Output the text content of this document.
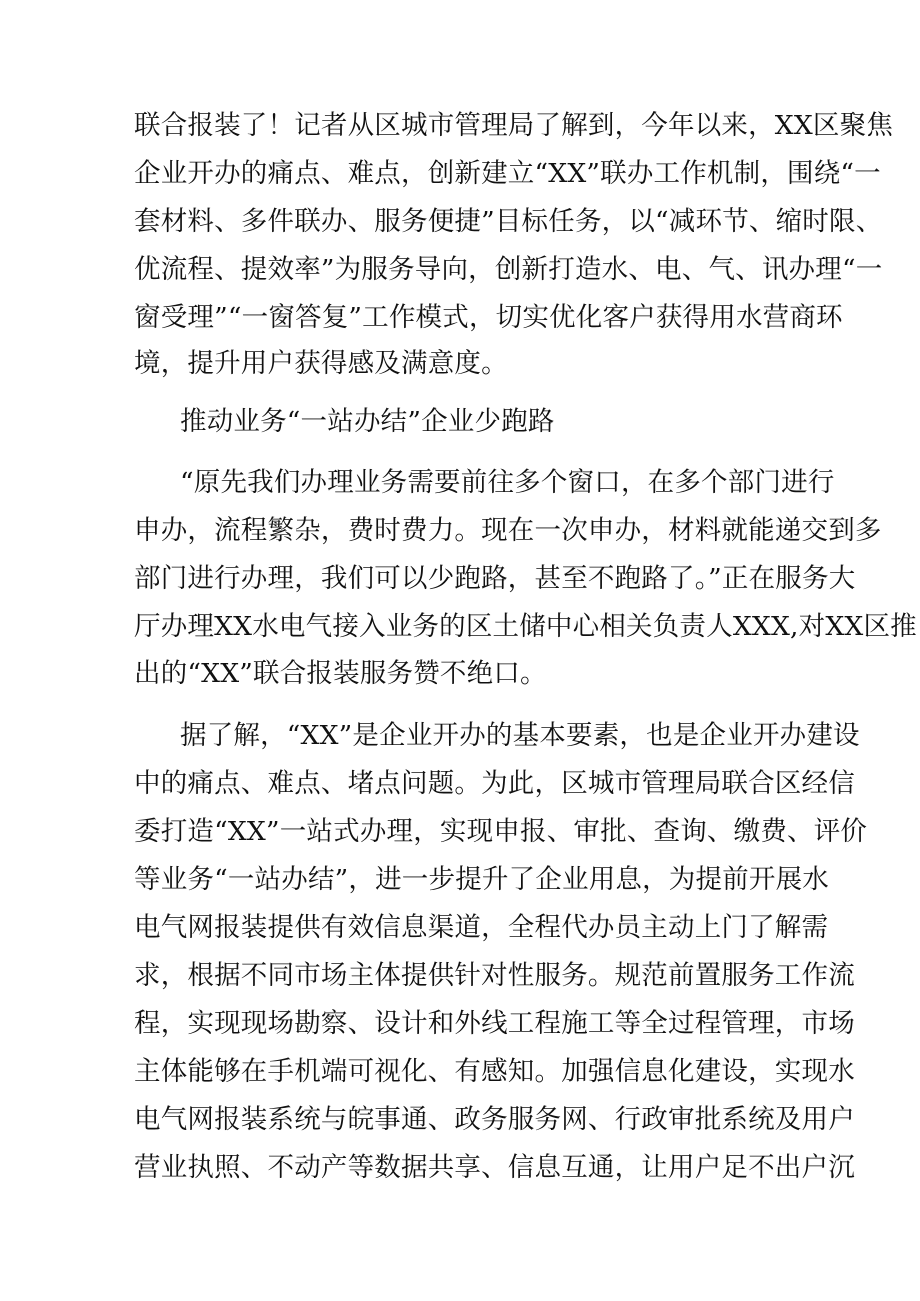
联合报装了！记者从区城市管理局了解到，今年以来，XX区聚焦
企业开办的痛点、难点，创新建立“XX”联办工作机制，围绕“一
套材料、多件联办、服务便捷”目标任务，以“减环节、缩时限、
优流程、提效率”为服务导向，创新打造水、电、气、讯办理“一
窗受理”“一窗答复”工作模式，切实优化客户获得用水营商环
境，提升用户获得感及满意度。
推动业务“一站办结”企业少跑路
“原先我们办理业务需要前往多个窗口，在多个部门进行
申办，流程繁杂，费时费力。现在一次申办，材料就能递交到多
部门进行办理，我们可以少跑路，甚至不跑路了。”正在服务大
厅办理XX水电气接入业务的区土储中心相关负责人XXX,对XX区推
出的“XX”联合报装服务赞不绝口。
据了解，“XX”是企业开办的基本要素，也是企业开办建设
中的痛点、难点、堵点问题。为此，区城市管理局联合区经信
委打造“XX”一站式办理，实现申报、审批、查询、缴费、评价
等业务“一站办结”，进一步提升了企业用息，为提前开展水
电气网报装提供有效信息渠道，全程代办员主动上门了解需
求，根据不同市场主体提供针对性服务。规范前置服务工作流
程，实现现场勘察、设计和外线工程施工等全过程管理，市场
主体能够在手机端可视化、有感知。加强信息化建设，实现水
电气网报装系统与皖事通、政务服务网、行政审批系统及用户
营业执照、不动产等数据共享、信息互通，让用户足不出户沉
